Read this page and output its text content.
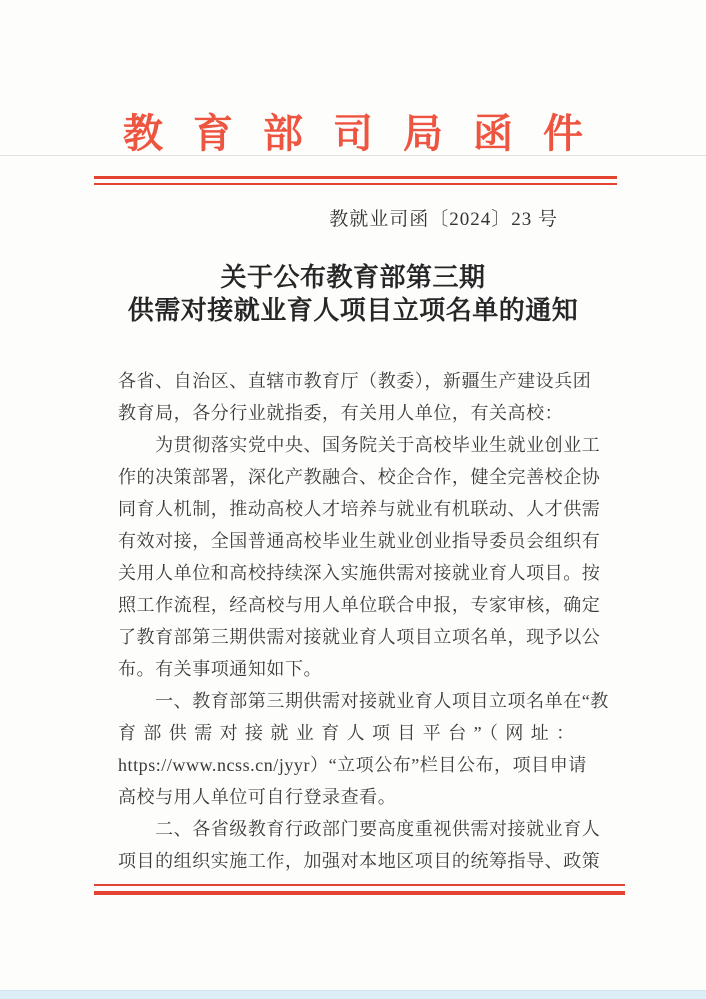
教育部司局函件
教就业司函〔2024〕23 号
关于公布教育部第三期
供需对接就业育人项目立项名单的通知
各省、自治区、直辖市教育厅（教委），新疆生产建设兵团
教育局，各分行业就指委，有关用人单位，有关高校：
　　为贯彻落实党中央、国务院关于高校毕业生就业创业工
作的决策部署，深化产教融合、校企合作，健全完善校企协
同育人机制，推动高校人才培养与就业有机联动、人才供需
有效对接，全国普通高校毕业生就业创业指导委员会组织有
关用人单位和高校持续深入实施供需对接就业育人项目。按
照工作流程，经高校与用人单位联合申报，专家审核，确定
了教育部第三期供需对接就业育人项目立项名单，现予以公
布。有关事项通知如下。
　　一、教育部第三期供需对接就业育人项目立项名单在“教
育部供需对接就业育人项目平台”（网址：
https://www.ncss.cn/jyyr）“立项公布”栏目公布，项目申请
高校与用人单位可自行登录查看。
　　二、各省级教育行政部门要高度重视供需对接就业育人
项目的组织实施工作，加强对本地区项目的统筹指导、政策
